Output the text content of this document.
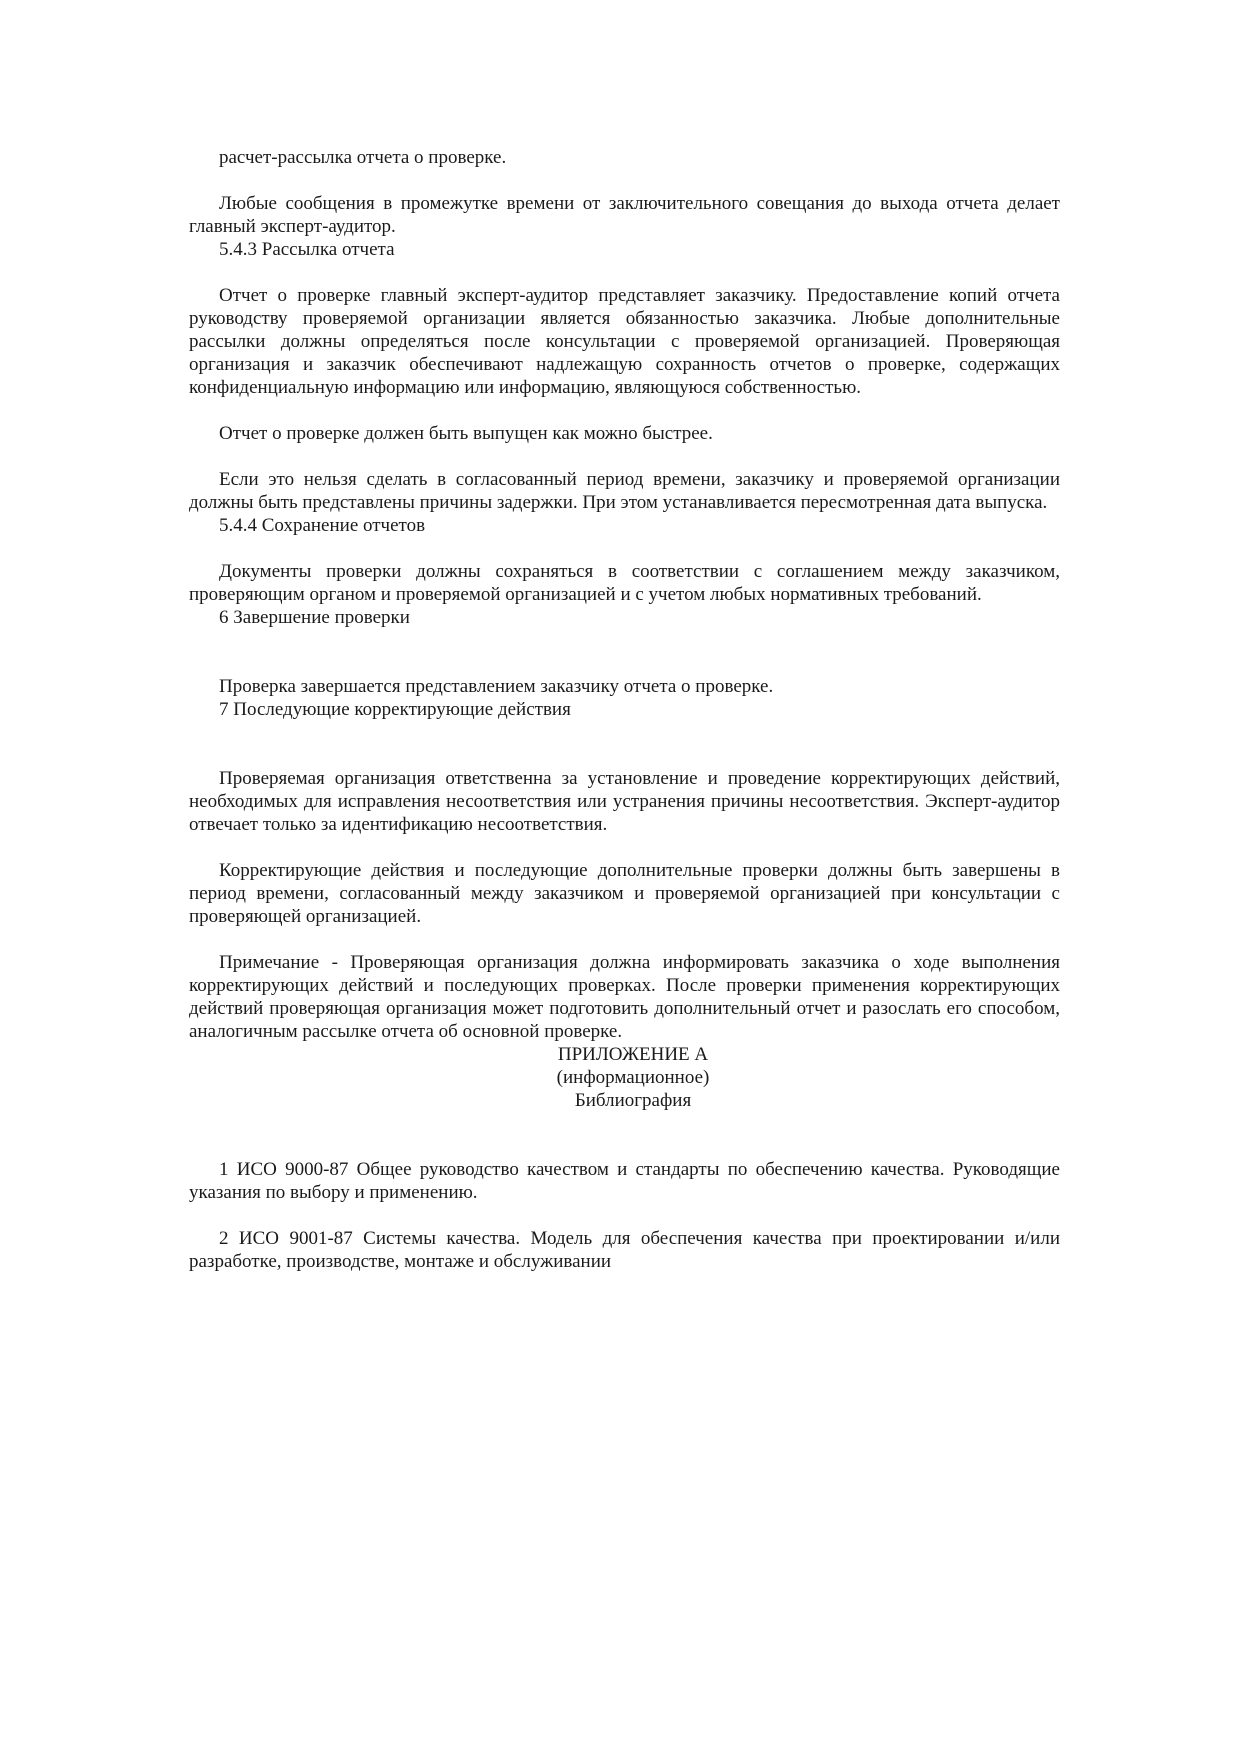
расчет-рассылка отчета о проверке.

Любые сообщения в промежутке времени от заключительного совещания до выхода отчета делает главный эксперт-аудитор.

5.4.3 Рассылка отчета

Отчет о проверке главный эксперт-аудитор представляет заказчику. Предоставление копий отчета руководству проверяемой организации является обязанностью заказчика. Любые дополнительные рассылки должны определяться после консультации с проверяемой организацией. Проверяющая организация и заказчик обеспечивают надлежащую сохранность отчетов о проверке, содержащих конфиденциальную информацию или информацию, являющуюся собственностью.

Отчет о проверке должен быть выпущен как можно быстрее.

Если это нельзя сделать в согласованный период времени, заказчику и проверяемой организации должны быть представлены причины задержки. При этом устанавливается пересмотренная дата выпуска.

5.4.4 Сохранение отчетов

Документы проверки должны сохраняться в соответствии с соглашением между заказчиком, проверяющим органом и проверяемой организацией и с учетом любых нормативных требований.

6 Завершение проверки

Проверка завершается представлением заказчику отчета о проверке.

7 Последующие корректирующие действия

Проверяемая организация ответственна за установление и проведение корректирующих действий, необходимых для исправления несоответствия или устранения причины несоответствия. Эксперт-аудитор отвечает только за идентификацию несоответствия.

Корректирующие действия и последующие дополнительные проверки должны быть завершены в период времени, согласованный между заказчиком и проверяемой организацией при консультации с проверяющей организацией.

Примечание - Проверяющая организация должна информировать заказчика о ходе выполнения корректирующих действий и последующих проверках. После проверки применения корректирующих действий проверяющая организация может подготовить дополнительный отчет и разослать его способом, аналогичным рассылке отчета об основной проверке.

ПРИЛОЖЕНИЕ А

(информационное)

Библиография

1 ИСО 9000-87 Общее руководство качеством и стандарты по обеспечению качества. Руководящие указания по выбору и применению.

2 ИСО 9001-87 Системы качества. Модель для обеспечения качества при проектировании и/или разработке, производстве, монтаже и обслуживании
